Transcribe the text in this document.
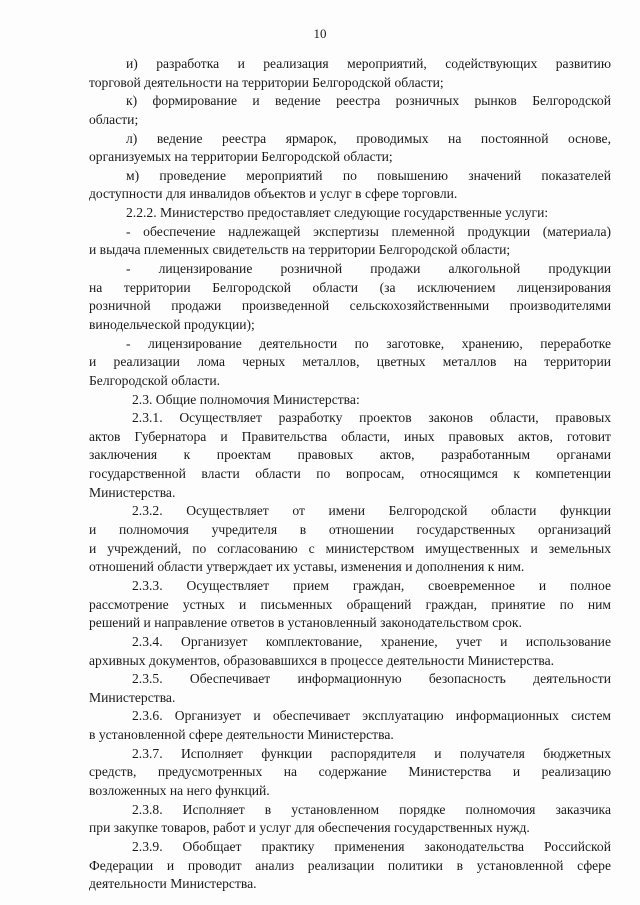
10
и) разработка и реализация мероприятий, содействующих развитию
торговой деятельности на территории Белгородской области;
к) формирование и ведение реестра розничных рынков Белгородской
области;
л) ведение реестра ярмарок, проводимых на постоянной основе,
организуемых на территории Белгородской области;
м) проведение мероприятий по повышению значений показателей
доступности для инвалидов объектов и услуг в сфере торговли.
2.2.2. Министерство предоставляет следующие государственные услуги:
- обеспечение надлежащей экспертизы племенной продукции (материала)
и выдача племенных свидетельств на территории Белгородской области;
- лицензирование розничной продажи алкогольной продукции
на территории Белгородской области (за исключением лицензирования
розничной продажи произведенной сельскохозяйственными производителями
винодельческой продукции);
- лицензирование деятельности по заготовке, хранению, переработке
и реализации лома черных металлов, цветных металлов на территории
Белгородской области.
2.3. Общие полномочия Министерства:
2.3.1. Осуществляет разработку проектов законов области, правовых
актов Губернатора и Правительства области, иных правовых актов, готовит
заключения к проектам правовых актов, разработанным органами
государственной власти области по вопросам, относящимся к компетенции
Министерства.
2.3.2. Осуществляет от имени Белгородской области функции
и полномочия учредителя в отношении государственных организаций
и учреждений, по согласованию с министерством имущественных и земельных
отношений области утверждает их уставы, изменения и дополнения к ним.
2.3.3. Осуществляет прием граждан, своевременное и полное
рассмотрение устных и письменных обращений граждан, принятие по ним
решений и направление ответов в установленный законодательством срок.
2.3.4. Организует комплектование, хранение, учет и использование
архивных документов, образовавшихся в процессе деятельности Министерства.
2.3.5. Обеспечивает информационную безопасность деятельности
Министерства.
2.3.6. Организует и обеспечивает эксплуатацию информационных систем
в установленной сфере деятельности Министерства.
2.3.7. Исполняет функции распорядителя и получателя бюджетных
средств, предусмотренных на содержание Министерства и реализацию
возложенных на него функций.
2.3.8. Исполняет в установленном порядке полномочия заказчика
при закупке товаров, работ и услуг для обеспечения государственных нужд.
2.3.9. Обобщает практику применения законодательства Российской
Федерации и проводит анализ реализации политики в установленной сфере
деятельности Министерства.
